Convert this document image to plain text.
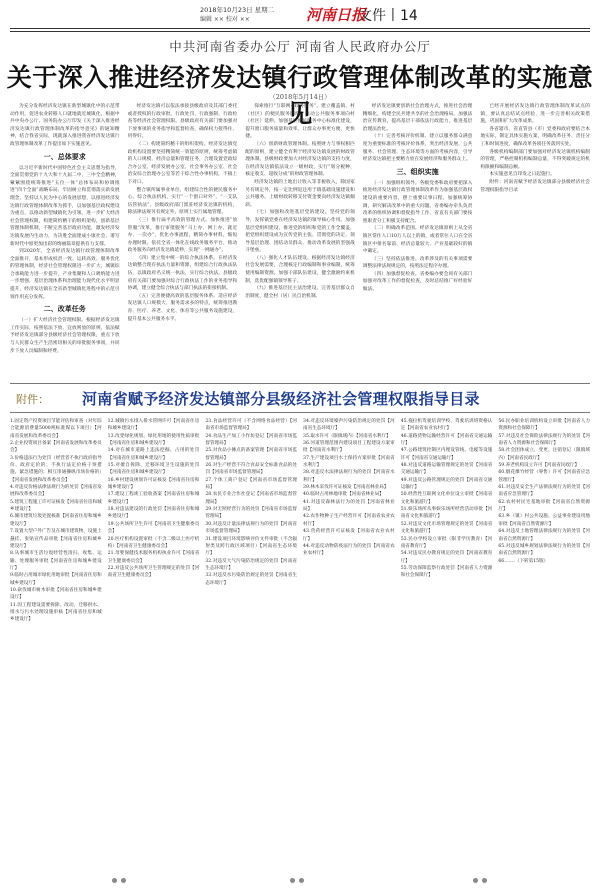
2018年10月23日 星期二
编辑 ×× 校对 ××	河南日报
文件丨14
中共河南省委办公厅 河南省人民政府办公厅
关于深入推进经济发达镇行政管理体制改革的实施意见
（2018年5月14日）

为充分发挥经济发达镇在新型城镇化中的示范带动作用，促进农业转移人口就地就近城镇化，根据中共中央办公厅、国务院办公厅印发《关于深入推进经济发达镇行政管理体制改革的指导意见》的通知精神，结合我省实际，现就深入推进我省经济发达镇行政管理体制改革工作提出如下实施意见。

一、总体要求

以习近平新时代中国特色社会主义思想为指导，全面贯彻党的十九大和十九届二中、三中全会精神，紧紧围绕统筹推进“五位一体”总体布局和协调推进“四个全面”战略布局，牢固树立和贯彻落实新发展理念，坚持以人民为中心的发展思想，以推进经济发达镇行政管理体制改革为抓手，以加强基层政权建设为重点，以推动新型城镇化为引领，进一步扩大经济社会管理权限，构建简约精干的组织架构，创新基层管理体制机制，不断完善基层政府功能，激发经济发达镇发展内生动力，为决胜全面建成小康社会、谱写新时代中原更加出彩的绚丽篇章提供有力支撑。

到2020年，全省经济发达镇行政管理体制改革全面推开，基本形成权责一致、运转高效、服务优化的管理体制，经济社会管理权限进一步扩大，城镇综合承载能力进一步提升，产业集聚和人口吸纳能力进一步增强，基层治理体系和治理能力现代化水平明显提升，经济发达镇在全省新型城镇化进程中的示范引领作用充分发挥。

二、改革任务

（一）扩大经济社会管理权限。根据经济发达镇工作实际，按照依法下放、宜放则放的原则，依法赋予经济发达镇部分县级经济社会管理权限，重点下放与人民群众生产生活密切相关的审批服务事项，并同步下放人员编制和经费。

经济发达镇可以依法承接县级政府及其部门委托或者授权的行政审批、行政处罚、行政强制、行政检查等经济社会管理权限。县级政府有关部门要加强对下放事项的业务指导和监督检查，确保权力接得住、用得好。

（二）构建简约精干的组织架构。经济发达镇党政机构设置要坚持精简统一效能的原则，统筹考虑镇的人口规模、经济总量和管理任务，合理设置党政综合办公室、经济发展办公室、社会事务办公室、社会治安综合治理办公室等若干综合性办事机构，不搞上下对口。

整合镇所属事业单位，组建综合性的便民服务中心、综合执法机构，实行“一个窗口对外”、“一支队伍管执法”。县级政府部门派驻经济发达镇的机构，除法律法规另有规定外，原则上实行属地管理。

（三）推行扁平高效的管理方式。加快推进“放管服”改革，推行审批服务“马上办、网上办、就近办、一次办”，优化办事流程，精简办事材料，缩短办理时限。依托全省一体化在线政务服务平台，推动政务服务向经济发达镇延伸，实现“一网通办”。

（四）建立集中统一的综合执法体系。在经济发达镇整合现有执法力量和资源，组建综合行政执法队伍，以镇政府名义统一执法，实行综合执法。县级政府有关部门要加强对综合行政执法工作的业务指导和协调，建立健全综合执法与部门执法的衔接机制。

（五）完善便捷高效的基层服务体系。适应经济发达镇人口规模大、服务需求多的特点，统筹推进教育、医疗、养老、文化、体育等公共服务设施建设，提升基本公共服务水平。

探索推行“互联网+政务服务”，建立覆盖镇、村（社区）的便民服务网络，推动公共服务事项向村（社区）延伸。加强基层便民服务中心标准化建设，提升窗口服务质量和效率，让群众办事更方便、更快捷。

（六）创新财政管理体制。按照财力与事权相匹配的原则，建立健全有利于经济发达镇发展的财政管理体制。县级财政要加大对经济发达镇的支持力度，在经济发达镇依法设立一级财政，实行“划分税种、核定收支、超收分成”的财政管理体制。

经济发达镇的土地出让收入等非税收入，除国家另有规定外，按一定比例返还用于镇基础设施建设和公共服务。上级财政转移支付资金要向经济发达镇倾斜。

（七）加强和改进基层党的建设。坚持党的领导，发挥镇党委在经济发达镇的领导核心作用。加强基层党组织建设，推进党的组织和党的工作全覆盖，把党组织建设成为宣传党的主张、贯彻党的决定、领导基层治理、团结动员群众、推动改革发展的坚强战斗堡垒。

（八）强化人才队伍建设。根据经济发达镇经济社会发展需要，合理核定行政编制和事业编制，统筹使用编制资源，加强干部队伍建设，健全激励约束机制，选优配强镇领导班子。

（九）推进基层民主法治建设。完善基层群众自治制度，健全村（居）民自治机制。

经济发达镇要创新社会治理方式，推进社会治理精细化，构建全民共建共享的社会治理格局。加强法治宣传教育，提高基层干部依法行政能力，推进基层治理法治化。

（十）完善考核评价机制。建立以服务群众满意度为重要标准的考核评价体系，突出经济发展、公共服务、社会管理、生态环境等方面的考核内容，引导经济发达镇把主要精力放在发展经济和服务群众上。

三、组织实施

（一）加强组织领导。各级党委和政府要把深入推进经济发达镇行政管理体制改革作为加强基层政权建设的重要内容，摆上重要议事日程，加强统筹协调，研究解决改革中的重大问题。省委编办牵头负责改革的组织协调和督促指导工作，省直有关部门要按照职责分工积极支持配合。

（二）明确改革范围。经济发达镇原则上从全省镇区常住人口10万人以上的镇，或者常住人口在全省镇区中排名靠前、经济总量较大、产业基础较好的镇中确定。

（三）坚持依法推进。改革涉及的有关事项需要调整法律法规规定的，按照法定程序办理。

（四）加强督促检查。省委编办要会同有关部门加强对改革工作的督促检查，及时总结推广好经验好做法。

已经开展经济发达镇行政管理体制改革试点的镇，要认真总结试点经验，进一步完善相关政策措施，巩固和扩大改革成果。

各省辖市、省直管县（市）党委和政府要结合本地实际，制定具体实施方案，明确改革任务、责任分工和时间进度，确保改革各项任务落到实处。

各级机构编制部门要加强对经济发达镇机构编制的管理，严格控制机构编制总量，不得突破规定的机构限额和编制总额。

本实施意见自印发之日起施行。

附件：河南省赋予经济发达镇部分县级经济社会管理权限指导目录

附件： 河南省赋予经济发达镇部分县级经济社会管理权限指导目录

1.固定资产投资项目节能评估和审查（对年综合能源消费量5000吨标准煤以下项目）【河南省发展和改革委员会】

2.企业投资项目备案【河南省发展和改革委员会】

3.价格违法行为处罚（经营者不执行政府指导价、政府定价的；不执行法定价格干预措施、紧急措施的；相互串通操纵市场价格的）【河南省发展和改革委员会】

4.对违反价格法律法规行为的处罚【河南省发展和改革委员会】

5.建筑工程施工许可证核发【河南省住房和城乡建设厅】

6.城市建筑垃圾处置核准【河南省住房和城乡建设厅】

7.设置大型户外广告及在城市建筑物、设施上悬挂、张贴宣传品审批【河南省住房和城乡建设厅】

8.从事城市生活垃圾经营性清扫、收集、运输、处理服务审批【河南省住房和城乡建设厅】

9.临时占用城市绿化用地审批【河南省住房和城乡建设厅】

10.砍伐城市树木审批【河南省住房和城乡建设厅】

11.因工程建设需要拆除、改动、迁移供水、排水与污水处理设施审核【河南省住房和城乡建设厅】

12.城镇污水排入排水管网许可【河南省住房和城乡建设厅】

13.改变绿化规划、绿化用地的使用性质审批【河南省住房和城乡建设厅】

14.对在城市道路上违法挖掘、占用的处罚【河南省住房和城乡建设厅】

15.对擅自拆除、迁移环境卫生设施的处罚【河南省住房和城乡建设厅】

16.乡村建设规划许可证核发【河南省住房和城乡建设厅】

17.建设工程竣工验收备案【河南省住房和城乡建设厅】

18.对违法建设的行政处罚【河南省住房和城乡建设厅】

19.公共场所卫生许可【河南省卫生健康委员会】

20.医疗机构设置审批（不含二级以上医疗机构）【河南省卫生健康委员会】

21.母婴保健技术服务机构执业许可【河南省卫生健康委员会】

22.对违反公共场所卫生管理规定的处罚【河南省卫生健康委员会】

23.食品经营许可（不含网络食品经营）【河南省市场监督管理局】

24.食品生产加工小作坊登记【河南省市场监督管理局】

25.对食品小摊点的备案管理【河南省市场监督管理局】

26.对生产经营不符合食品安全标准食品的处罚【河南省市场监督管理局】

27.个体工商户登记【河南省市场监督管理局】

28.农民专业合作社登记【河南省市场监督管理局】

29.对无照经营行为的处罚【河南省市场监督管理局】

30.对违反计量法律法规行为的处罚【河南省市场监督管理局】

31.建设项目环境影响评价文件审批（不含辐射类及跨行政区域项目）【河南省生态环境厅】

32.对违反大气污染防治规定的处罚【河南省生态环境厅】

33.对违反水污染防治规定的处罚【河南省生态环境厅】

34.对违反环境噪声污染防治规定的处罚【河南省生态环境厅】

35.取水许可（限镇域内）【河南省水利厅】

36.河道管理范围内建设项目工程建设方案审批【河南省水利厅】

37.生产建设项目水土保持方案审批【河南省水利厅】

38.对违反水法律法规行为的处罚【河南省水利厅】

39.林木采伐许可证核发【河南省林业局】

40.临时占用林地审批【河南省林业局】

41.对违反森林法行为的处罚【河南省林业局】

42.农作物种子生产经营许可【河南省农业农村厅】

43.兽药经营许可证核发【河南省农业农村厅】

44.对违反动物防疫法行为的处罚【河南省农业农村厅】

45.拖拉机驾驶培训学校、驾驶培训班资格认定【河南省农业农村厅】

46.道路货物运输经营许可【河南省交通运输厅】

47.公路建筑控制区内埋设管线、电缆等设施许可【河南省交通运输厅】

48.对违反道路运输管理规定的处罚【河南省交通运输厅】

49.对违反公路管理规定的处罚【河南省交通运输厅】

50.经营性互联网文化单位设立审批【河南省文化和旅游厅】

51.娱乐场所从事娱乐场所经营活动审批【河南省文化和旅游厅】

52.对违反文化市场管理规定的处罚【河南省文化和旅游厅】

53.民办学校设立审批（限非学历教育）【河南省教育厅】

54.对违反民办教育规定的处罚【河南省教育厅】

55.劳动保障监察行政处罚【河南省人力资源和社会保障厅】

56.民办职业培训机构设立审批【河南省人力资源和社会保障厅】

57.对违反社会保险法律法规行为的处罚【河南省人力资源和社会保障厅】

58.社会团体成立、变更、注销登记（限镇域内）【河南省民政厅】

59.养老机构设立许可【河南省民政厅】

60.烟花爆竹经营（零售）许可【河南省应急管理厅】

61.对违反安全生产法律法规行为的处罚【河南省应急管理厅】

62.农村村民宅基地审批【河南省自然资源厅】

63.乡（镇）村公共设施、公益事业建设用地审批【河南省自然资源厅】

64.对违反土地管理法律法规行为的处罚【河南省自然资源厅】

65.对违反城乡规划法律法规行为的处罚【河南省自然资源厅】

66.……（下转第15版）
